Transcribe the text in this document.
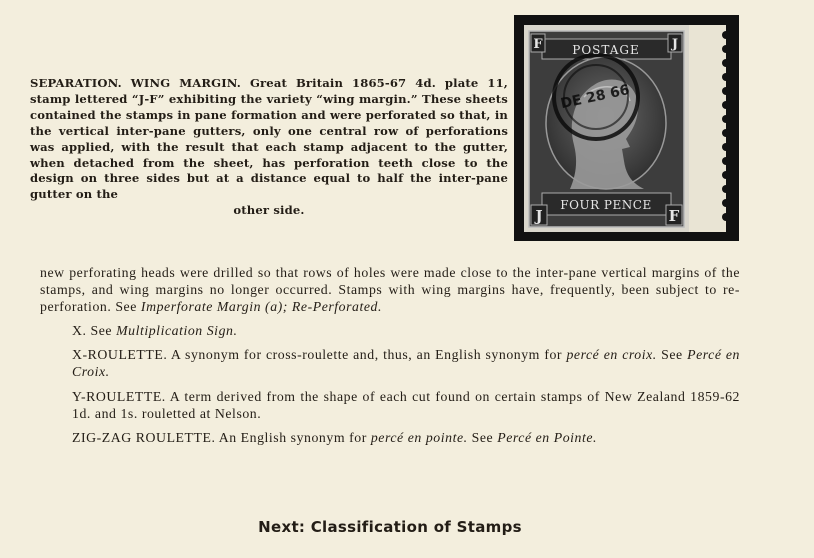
SEPARATION. WING MARGIN. Great Britain 1865-67 4d. plate 11, stamp lettered “J-F” exhibiting the variety “wing margin.” These sheets contained the stamps in pane formation and were perforated so that, in the vertical inter-pane gutters, only one central row of perforations was applied, with the result that each stamp adjacent to the gutter, when detached from the sheet, has perforation teeth close to the design on three sides but at a distance equal to half the inter-pane gutter on the
other side.
POSTAGE
FOUR PENCE
F	J
J	F
DE 28 66

new perforating heads were drilled so that rows of holes were made close to the inter-pane vertical margins of the stamps, and wing margins no longer occurred. Stamps with wing margins have, frequently, been subject to re-perforation. See Imperforate Margin (a); Re-Perforated.

X. See Multiplication Sign.

X-ROULETTE. A synonym for cross-roulette and, thus, an English synonym for percé en croix. See Percé en Croix.

Y-ROULETTE. A term derived from the shape of each cut found on certain stamps of New Zealand 1859-62 1d. and 1s. rouletted at Nelson.

ZIG-ZAG ROULETTE. An English synonym for percé en pointe. See Percé en Pointe.

Next: Classification of Stamps
